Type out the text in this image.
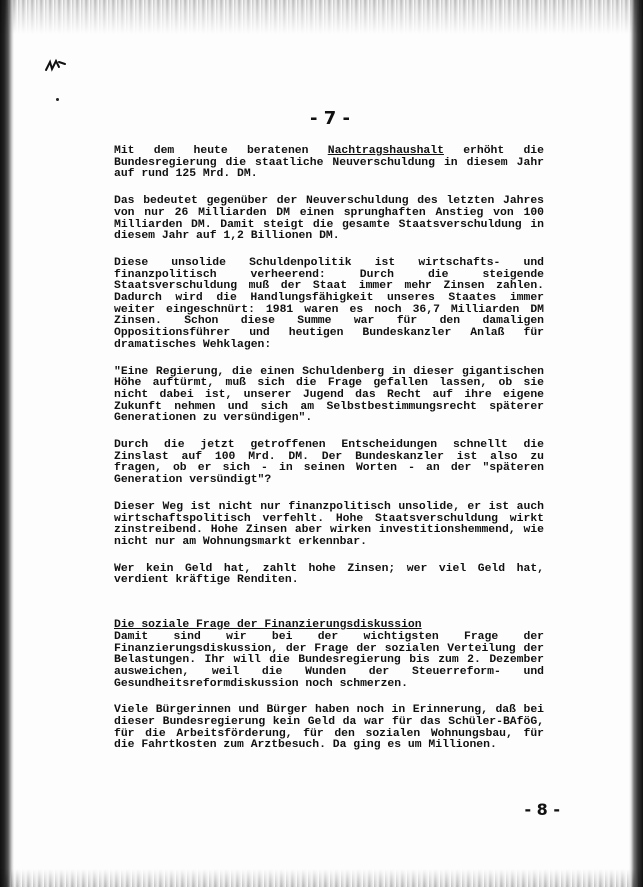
- 7 -

Mit dem heute beratenen Nachtragshaushalt erhöht die Bundesregierung die staatliche Neuverschuldung in diesem Jahr auf rund 125 Mrd. DM.

Das bedeutet gegenüber der Neuverschuldung des letzten Jahres von nur 26 Milliarden DM einen sprunghaften Anstieg von 100 Milliarden DM. Damit steigt die gesamte Staatsverschuldung in diesem Jahr auf 1,2 Billionen DM.

Diese unsolide Schuldenpolitik ist wirtschafts- und finanzpolitisch verheerend: Durch die steigende Staatsverschuldung muß der Staat immer mehr Zinsen zahlen. Dadurch wird die Handlungsfähigkeit unseres Staates immer weiter eingeschnürt: 1981 waren es noch 36,7 Milliarden DM Zinsen. Schon diese Summe war für den damaligen Oppositionsführer und heutigen Bundeskanzler Anlaß für dramatisches Wehklagen:

"Eine Regierung, die einen Schuldenberg in dieser gigantischen Höhe auftürmt, muß sich die Frage gefallen lassen, ob sie nicht dabei ist, unserer Jugend das Recht auf ihre eigene Zukunft nehmen und sich am Selbstbestimmungsrecht späterer Generationen zu versündigen".

Durch die jetzt getroffenen Entscheidungen schnellt die Zinslast auf 100 Mrd. DM. Der Bundeskanzler ist also zu fragen, ob er sich - in seinen Worten - an der "späteren Generation versündigt"?

Dieser Weg ist nicht nur finanzpolitisch unsolide, er ist auch wirtschaftspolitisch verfehlt. Hohe Staatsverschuldung wirkt zinstreibend. Hohe Zinsen aber wirken investitionshemmend, wie nicht nur am Wohnungsmarkt erkennbar.

Wer kein Geld hat, zahlt hohe Zinsen; wer viel Geld hat, verdient kräftige Renditen.

Die soziale Frage der Finanzierungsdiskussion

Damit sind wir bei der wichtigsten Frage der Finanzierungsdiskussion, der Frage der sozialen Verteilung der Belastungen. Ihr will die Bundesregierung bis zum 2. Dezember ausweichen, weil die Wunden der Steuerreform- und Gesundheitsreformdiskussion noch schmerzen.

Viele Bürgerinnen und Bürger haben noch in Erinnerung, daß bei dieser Bundesregierung kein Geld da war für das Schüler-BAföG, für die Arbeitsförderung, für den sozialen Wohnungsbau, für die Fahrtkosten zum Arztbesuch. Da ging es um Millionen.

- 8 -
